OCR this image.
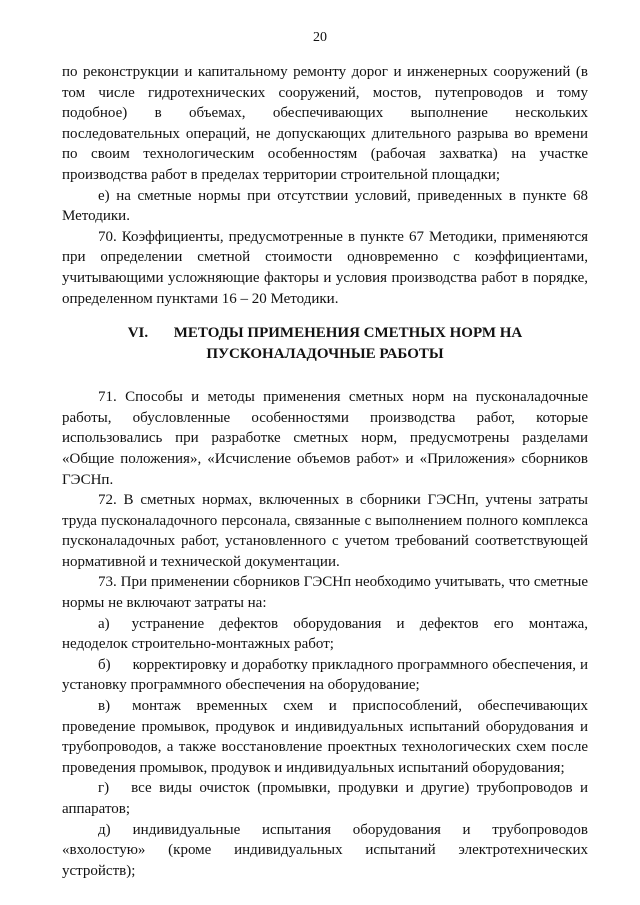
20

по реконструкции и капитальному ремонту дорог и инженерных сооружений (в том числе гидротехнических сооружений, мостов, путепроводов и тому подобное) в объемах, обеспечивающих выполнение нескольких последовательных операций, не допускающих длительного разрыва во времени по своим технологическим особенностям (рабочая захватка) на участке производства работ в пределах территории строительной площадки;

е) на сметные нормы при отсутствии условий, приведенных в пункте 68 Методики.

70. Коэффициенты, предусмотренные в пункте 67 Методики, применяются при определении сметной стоимости одновременно с коэффициентами, учитывающими усложняющие факторы и условия производства работ в порядке, определенном пунктами 16 – 20 Методики.

VI. МЕТОДЫ ПРИМЕНЕНИЯ СМЕТНЫХ НОРМ НА
ПУСКОНАЛАДОЧНЫЕ РАБОТЫ

71. Способы и методы применения сметных норм на пусконаладочные работы, обусловленные особенностями производства работ, которые использовались при разработке сметных норм, предусмотрены разделами «Общие положения», «Исчисление объемов работ» и «Приложения» сборников ГЭСНп.

72. В сметных нормах, включенных в сборники ГЭСНп, учтены затраты труда пусконаладочного персонала, связанные с выполнением полного комплекса пусконаладочных работ, установленного с учетом требований соответствующей нормативной и технической документации.

73. При применении сборников ГЭСНп необходимо учитывать, что сметные нормы не включают затраты на:

а) устранение дефектов оборудования и дефектов его монтажа, недоделок строительно-монтажных работ;

б) корректировку и доработку прикладного программного обеспечения, и установку программного обеспечения на оборудование;

в) монтаж временных схем и приспособлений, обеспечивающих проведение промывок, продувок и индивидуальных испытаний оборудования и трубопроводов, а также восстановление проектных технологических схем после проведения промывок, продувок и индивидуальных испытаний оборудования;

г) все виды очисток (промывки, продувки и другие) трубопроводов и аппаратов;

д) индивидуальные испытания оборудования и трубопроводов «вхолостую» (кроме индивидуальных испытаний электротехнических устройств);
